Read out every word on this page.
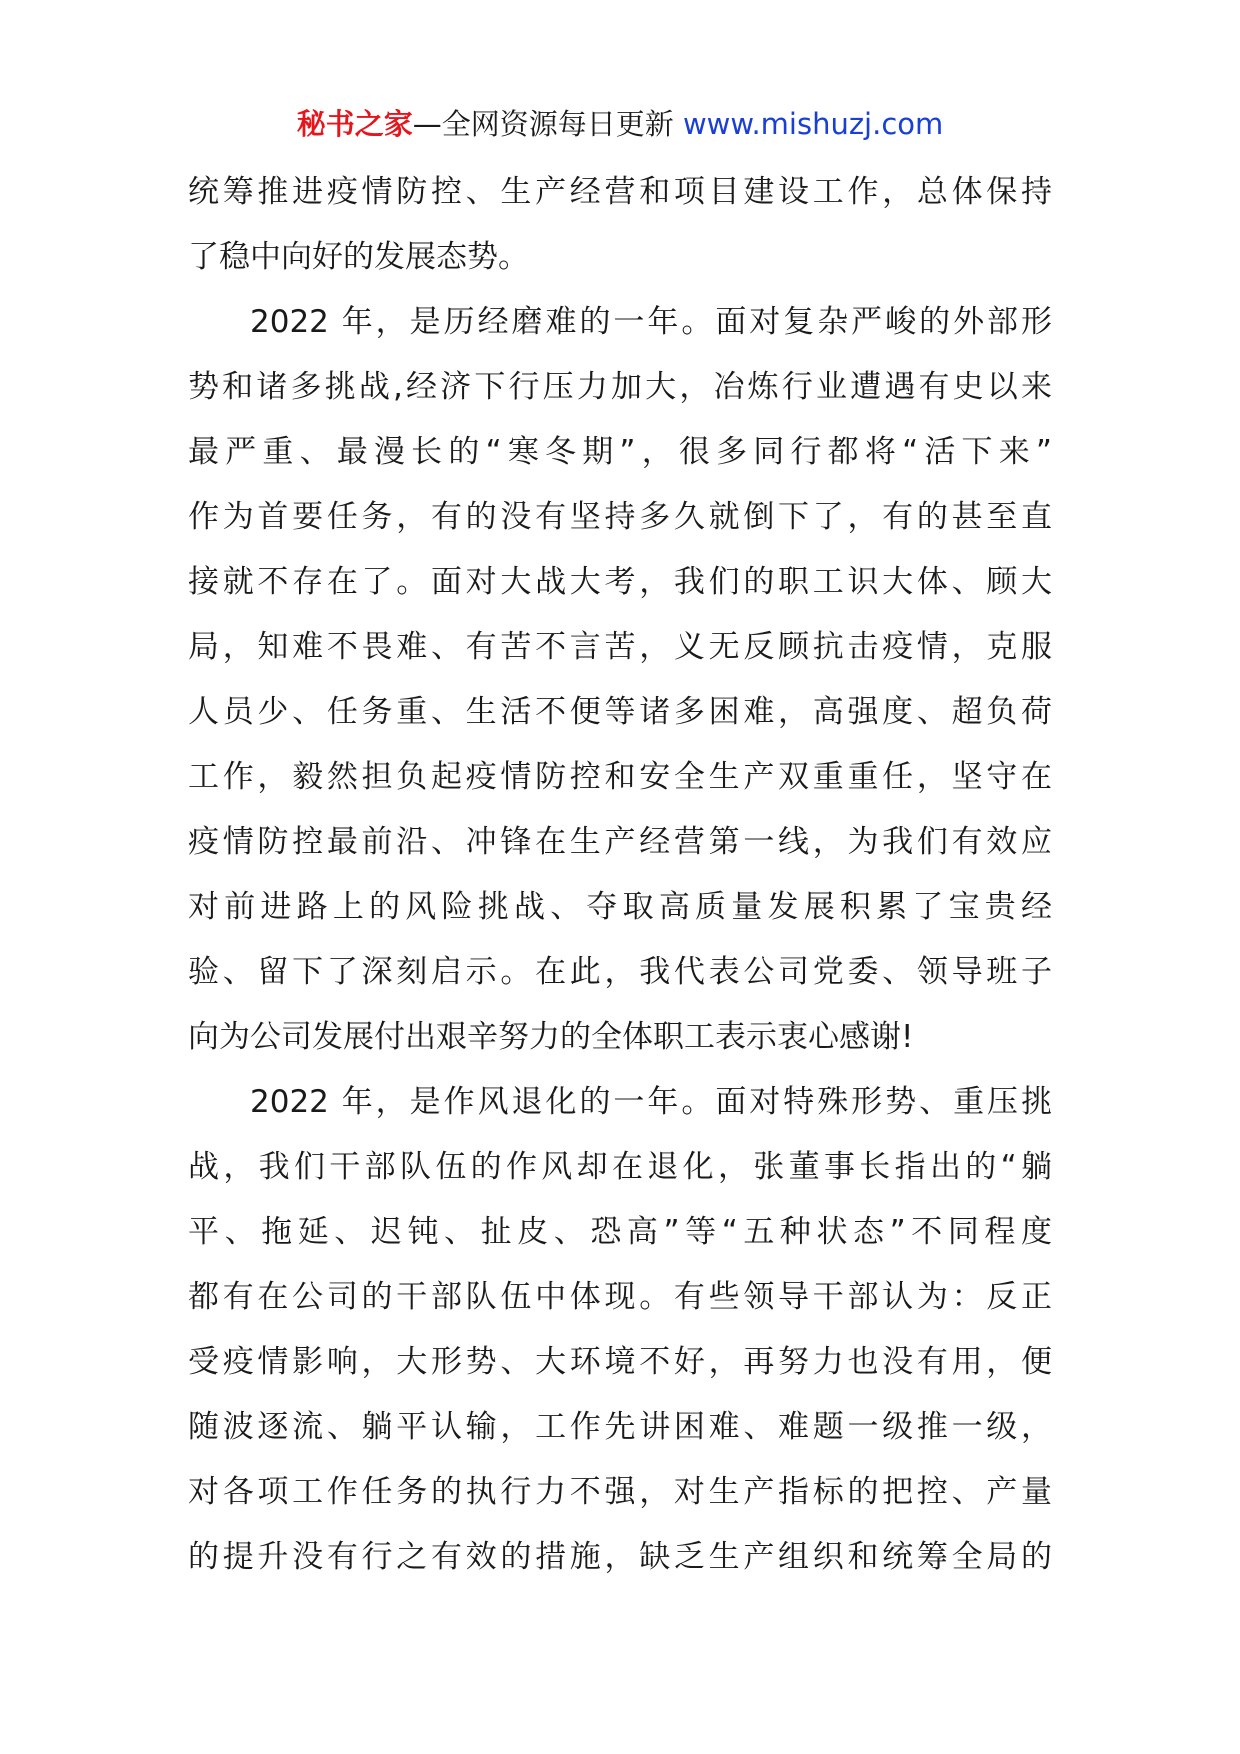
秘书之家—全网资源每日更新 www.mishuzj.com
统筹推进疫情防控、生产经营和项目建设工作，总体保持
了稳中向好的发展态势。
2022 年，是历经磨难的一年。面对复杂严峻的外部形
势和诸多挑战,经济下行压力加大，冶炼行业遭遇有史以来
最严重、最漫长的“寒冬期”，很多同行都将“活下来”
作为首要任务，有的没有坚持多久就倒下了，有的甚至直
接就不存在了。面对大战大考，我们的职工识大体、顾大
局，知难不畏难、有苦不言苦，义无反顾抗击疫情，克服
人员少、任务重、生活不便等诸多困难，高强度、超负荷
工作，毅然担负起疫情防控和安全生产双重重任，坚守在
疫情防控最前沿、冲锋在生产经营第一线，为我们有效应
对前进路上的风险挑战、夺取高质量发展积累了宝贵经
验、留下了深刻启示。在此，我代表公司党委、领导班子
向为公司发展付出艰辛努力的全体职工表示衷心感谢!
2022 年，是作风退化的一年。面对特殊形势、重压挑
战，我们干部队伍的作风却在退化，张董事长指出的“躺
平、拖延、迟钝、扯皮、恐高”等“五种状态”不同程度
都有在公司的干部队伍中体现。有些领导干部认为：反正
受疫情影响，大形势、大环境不好，再努力也没有用，便
随波逐流、躺平认输，工作先讲困难、难题一级推一级，
对各项工作任务的执行力不强，对生产指标的把控、产量
的提升没有行之有效的措施，缺乏生产组织和统筹全局的
